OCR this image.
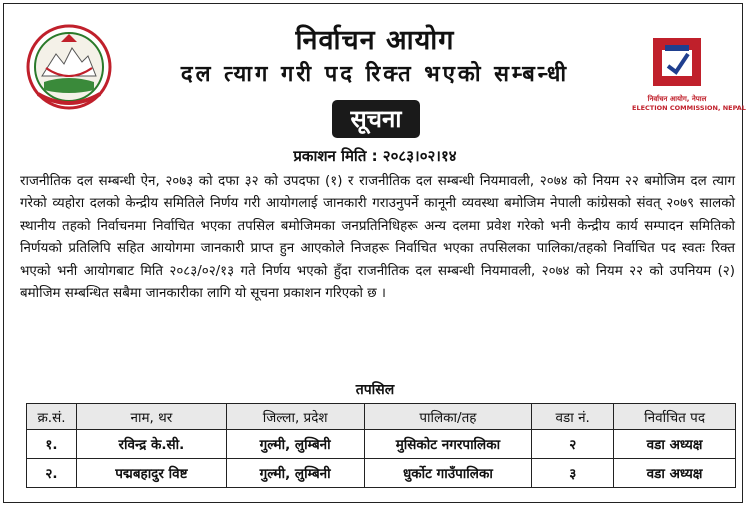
निर्वाचन आयोग, नेपाल
ELECTION COMMISSION, NEPAL
निर्वाचन आयोग
दल त्याग गरी पद रिक्त भएको सम्बन्धी
सूचना
प्रकाशन मिति : २०८३।०२।१४
राजनीतिक दल सम्बन्धी ऐन, २०७३ को दफा ३२ को उपदफा (१) र राजनीतिक दल सम्बन्धी नियमावली, २०७४ को नियम २२ बमोजिम दल त्याग गरेको व्यहोरा दलको केन्द्रीय समितिले निर्णय गरी आयोगलाई जानकारी गराउनुपर्ने कानूनी व्यवस्था बमोजिम नेपाली कांग्रेसको संवत् २०७९ सालको स्थानीय तहको निर्वाचनमा निर्वाचित भएका तपसिल बमोजिमका जनप्रतिनिधिहरू अन्य दलमा प्रवेश गरेको भनी केन्द्रीय कार्य सम्पादन समितिको निर्णयको प्रतिलिपि सहित आयोगमा जानकारी प्राप्त हुन आएकोले निजहरू निर्वाचित भएका तपसिलका पालिका/तहको निर्वाचित पद स्वतः रिक्त भएको भनी आयोगबाट मिति २०८३/०२/१३ गते निर्णय भएको हुँदा राजनीतिक दल सम्बन्धी नियमावली, २०७४ को नियम २२ को उपनियम (२) बमोजिम सम्बन्धित सबैमा जानकारीका लागि यो सूचना प्रकाशन गरिएको छ ।
तपसिल
क्र.सं.	नाम, थर	जिल्ला, प्रदेश	पालिका/तह	वडा नं.	निर्वाचित पद
१.	रविन्द्र के.सी.	गुल्मी, लुम्बिनी	मुसिकोट नगरपालिका	२	वडा अध्यक्ष
२.	पद्मबहादुर विष्ट	गुल्मी, लुम्बिनी	धुर्कोट गाउँपालिका	३	वडा अध्यक्ष
